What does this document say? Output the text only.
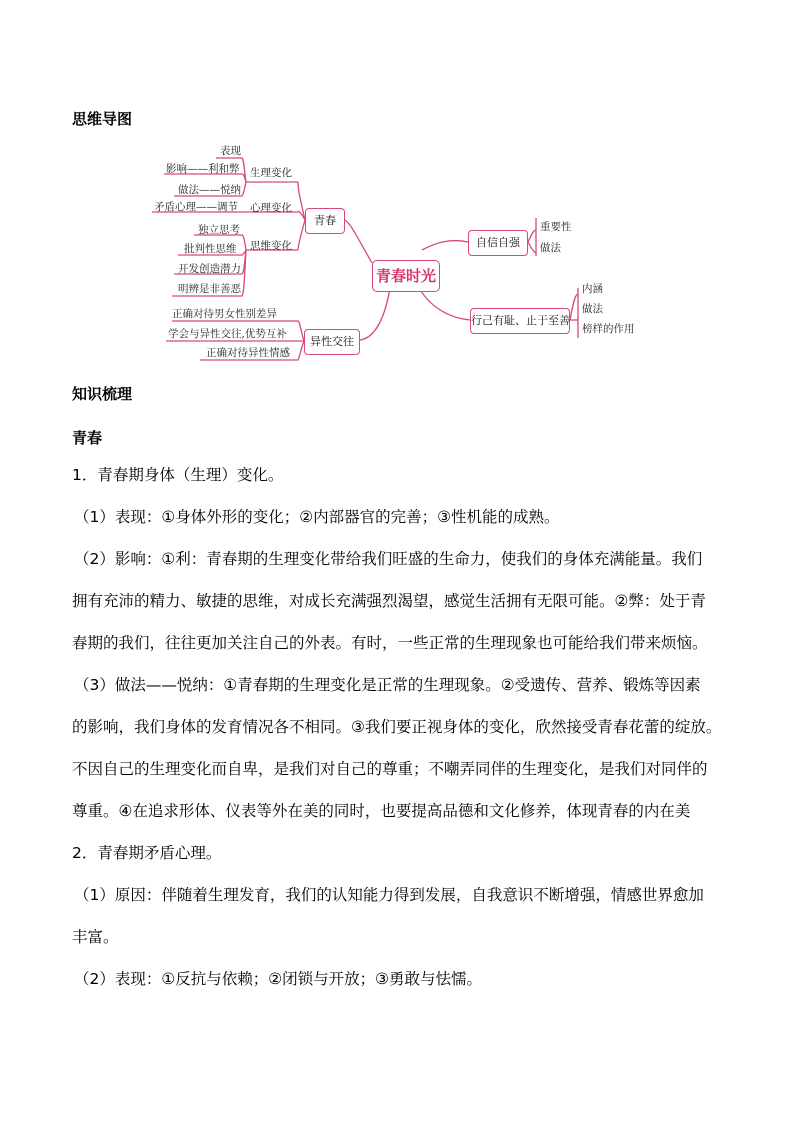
思维导图
青春时光
青春
生理变化
心理变化
思维变化
表现
影响——利和弊
做法——悦纳
矛盾心理——调节
独立思考
批判性思维
开发创造潜力
明辨是非善恶
异性交往
正确对待男女性别差异
学会与异性交往,优势互补
正确对待异性情感
自信自强
重要性
做法
行己有耻、止于至善
内涵
做法
榜样的作用
知识梳理
青春
1．青春期身体（生理）变化。
（1）表现：①身体外形的变化；②内部器官的完善；③性机能的成熟。
（2）影响：①利：青春期的生理变化带给我们旺盛的生命力，使我们的身体充满能量。我们
拥有充沛的精力、敏捷的思维，对成长充满强烈渴望，感觉生活拥有无限可能。②弊：处于青
春期的我们，往往更加关注自己的外表。有时，一些正常的生理现象也可能给我们带来烦恼。
（3）做法——悦纳：①青春期的生理变化是正常的生理现象。②受遗传、营养、锻炼等因素
的影响，我们身体的发育情况各不相同。③我们要正视身体的变化，欣然接受青春花蕾的绽放。
不因自己的生理变化而自卑，是我们对自己的尊重；不嘲弄同伴的生理变化，是我们对同伴的
尊重。④在追求形体、仪表等外在美的同时，也要提高品德和文化修养，体现青春的内在美
2．青春期矛盾心理。
（1）原因：伴随着生理发育，我们的认知能力得到发展，自我意识不断增强，情感世界愈加
丰富。
（2）表现：①反抗与依赖；②闭锁与开放；③勇敢与怯懦。
